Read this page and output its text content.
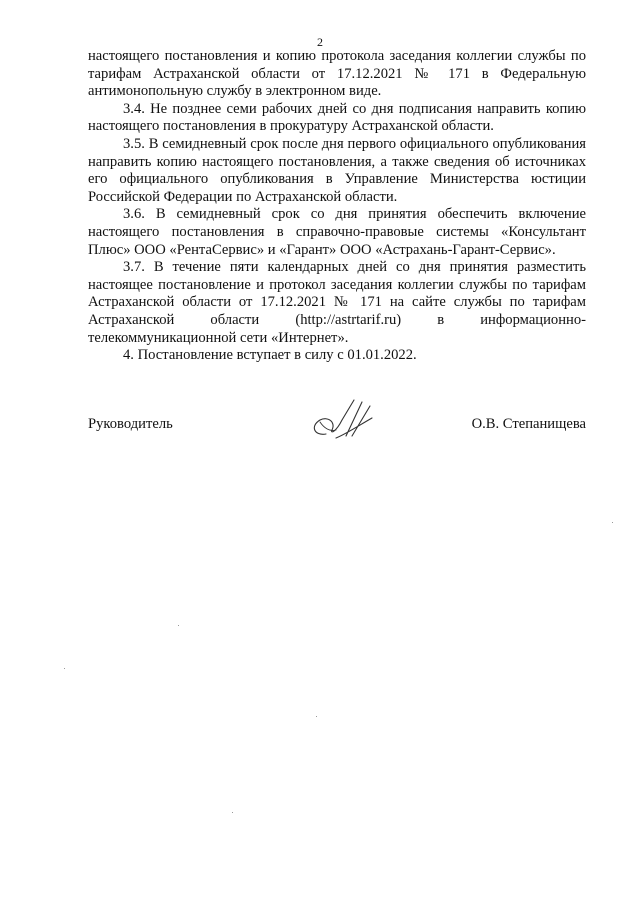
2

настоящего постановления и копию протокола заседания коллегии службы по тарифам Астраханской области от 17.12.2021 № 171 в Федеральную антимонопольную службу в электронном виде.

3.4. Не позднее семи рабочих дней со дня подписания направить копию настоящего постановления в прокуратуру Астраханской области.

3.5. В семидневный срок после дня первого официального опубликования направить копию настоящего постановления, а также сведения об источниках его официального опубликования в Управление Министерства юстиции Российской Федерации по Астраханской области.

3.6. В семидневный срок со дня принятия обеспечить включение настоящего постановления в справочно-правовые системы «Консультант Плюс» ООО «РентаСервис» и «Гарант» ООО «Астрахань-Гарант-Сервис».

3.7. В течение пяти календарных дней со дня принятия разместить настоящее постановление и протокол заседания коллегии службы по тарифам Астраханской области от 17.12.2021 № 171 на сайте службы по тарифам Астраханской области (http://astrtarif.ru) в информационно-телекоммуникационной сети «Интернет».

4. Постановление вступает в силу с 01.01.2022.

Руководитель	О.В. Степанищева
